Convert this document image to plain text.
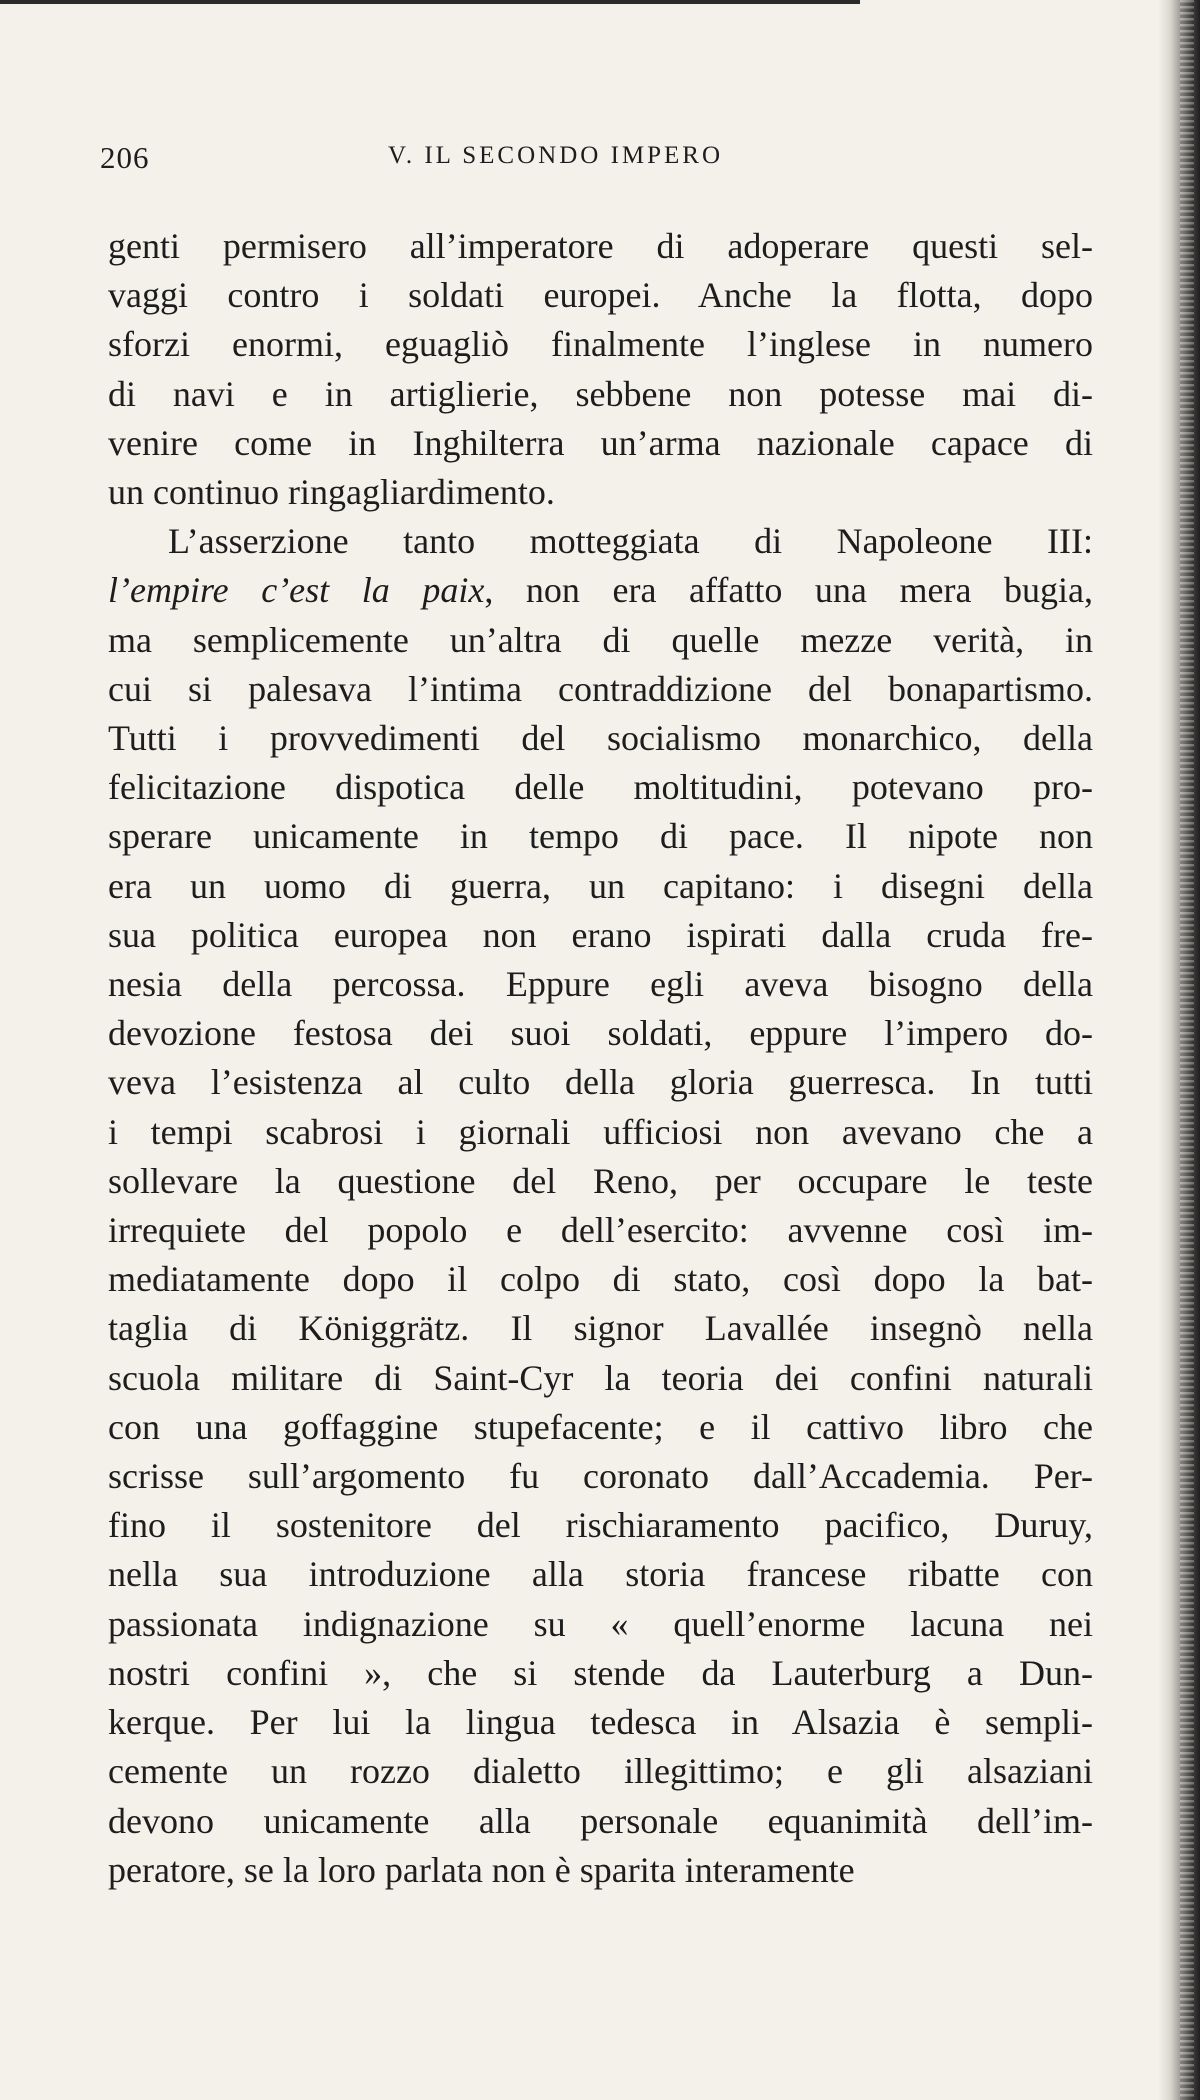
206	V. IL SECONDO IMPERO

genti permisero all’imperatore di adoperare questi sel-
vaggi contro i soldati europei. Anche la flotta, dopo
sforzi enormi, eguagliò finalmente l’inglese in numero
di navi e in artiglierie, sebbene non potesse mai di-
venire come in Inghilterra un’arma nazionale capace di
un continuo ringagliardimento.

L’asserzione tanto motteggiata di Napoleone III:
l’empire c’est la paix, non era affatto una mera bugia,
ma semplicemente un’altra di quelle mezze verità, in
cui si palesava l’intima contraddizione del bonapartismo.
Tutti i provvedimenti del socialismo monarchico, della
felicitazione dispotica delle moltitudini, potevano pro-
sperare unicamente in tempo di pace. Il nipote non
era un uomo di guerra, un capitano: i disegni della
sua politica europea non erano ispirati dalla cruda fre-
nesia della percossa. Eppure egli aveva bisogno della
devozione festosa dei suoi soldati, eppure l’impero do-
veva l’esistenza al culto della gloria guerresca. In tutti
i tempi scabrosi i giornali ufficiosi non avevano che a
sollevare la questione del Reno, per occupare le teste
irrequiete del popolo e dell’esercito: avvenne così im-
mediatamente dopo il colpo di stato, così dopo la bat-
taglia di Königgrätz. Il signor Lavallée insegnò nella
scuola militare di Saint-Cyr la teoria dei confini naturali
con una goffaggine stupefacente; e il cattivo libro che
scrisse sull’argomento fu coronato dall’Accademia. Per-
fino il sostenitore del rischiaramento pacifico, Duruy,
nella sua introduzione alla storia francese ribatte con
passionata indignazione su « quell’enorme lacuna nei
nostri confini », che si stende da Lauterburg a Dun-
kerque. Per lui la lingua tedesca in Alsazia è sempli-
cemente un rozzo dialetto illegittimo; e gli alsaziani
devono unicamente alla personale equanimità dell’im-
peratore, se la loro parlata non è sparita interamente
